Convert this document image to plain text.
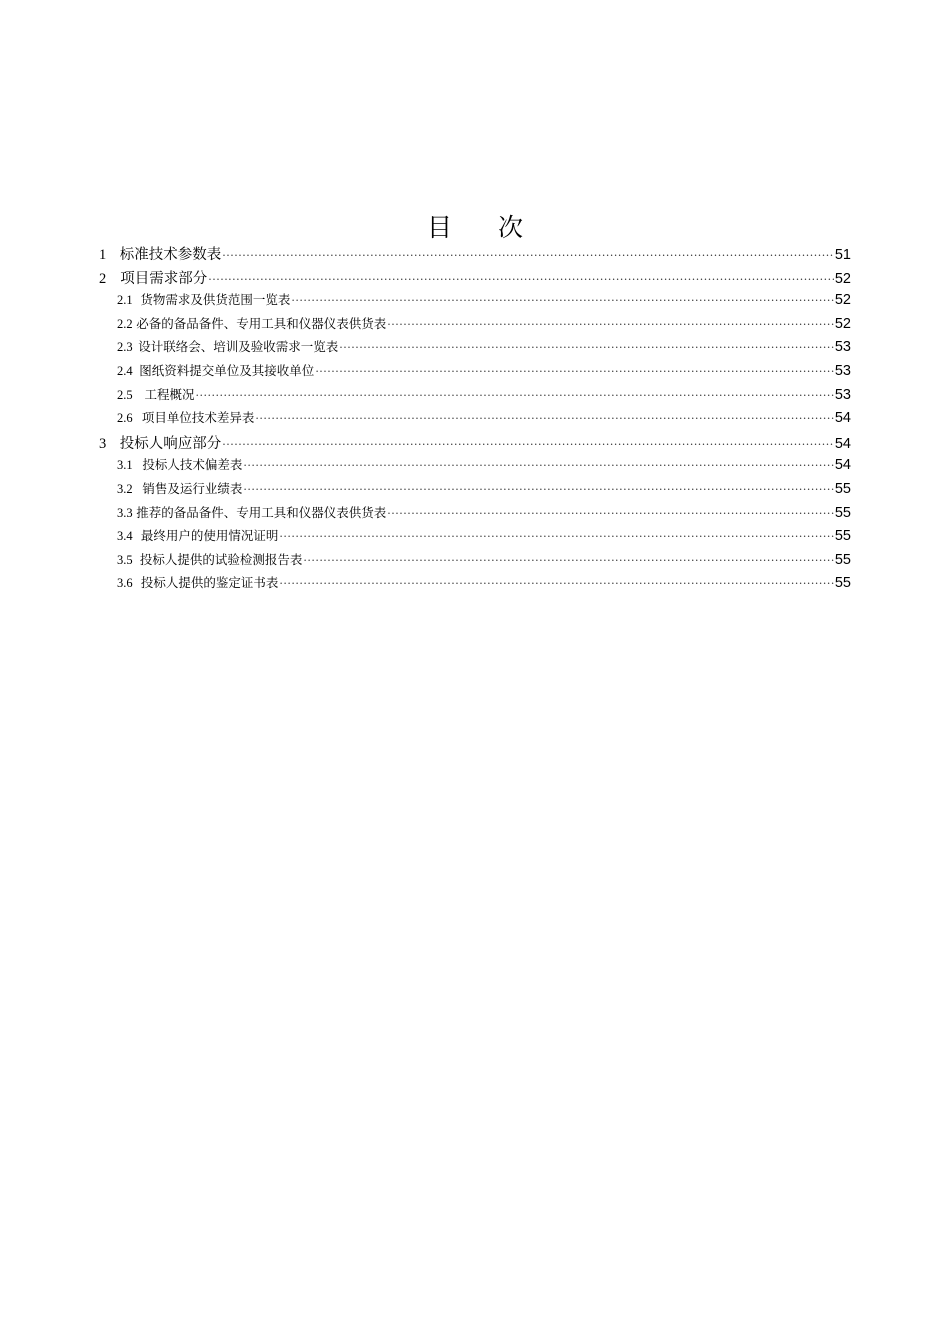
目 次
1 标准技术参数表 ·····	51
2 项目需求部分 ·····	52
2.1 货物需求及供货范围一览表 ·····	52
2.2 必备的备品备件、专用工具和仪器仪表供货表 ·····	52
2.3 设计联络会、培训及验收需求一览表 ·····	53
2.4 图纸资料提交单位及其接收单位 ·····	53
2.5 工程概况 ·····	53
2.6 项目单位技术差异表 ·····	54
3 投标人响应部分 ·····	54
3.1 投标人技术偏差表 ·····	54
3.2 销售及运行业绩表 ·····	55
3.3 推荐的备品备件、专用工具和仪器仪表供货表 ·····	55
3.4 最终用户的使用情况证明 ·····	55
3.5 投标人提供的试验检测报告表 ·····	55
3.6 投标人提供的鉴定证书表 ·····	55
